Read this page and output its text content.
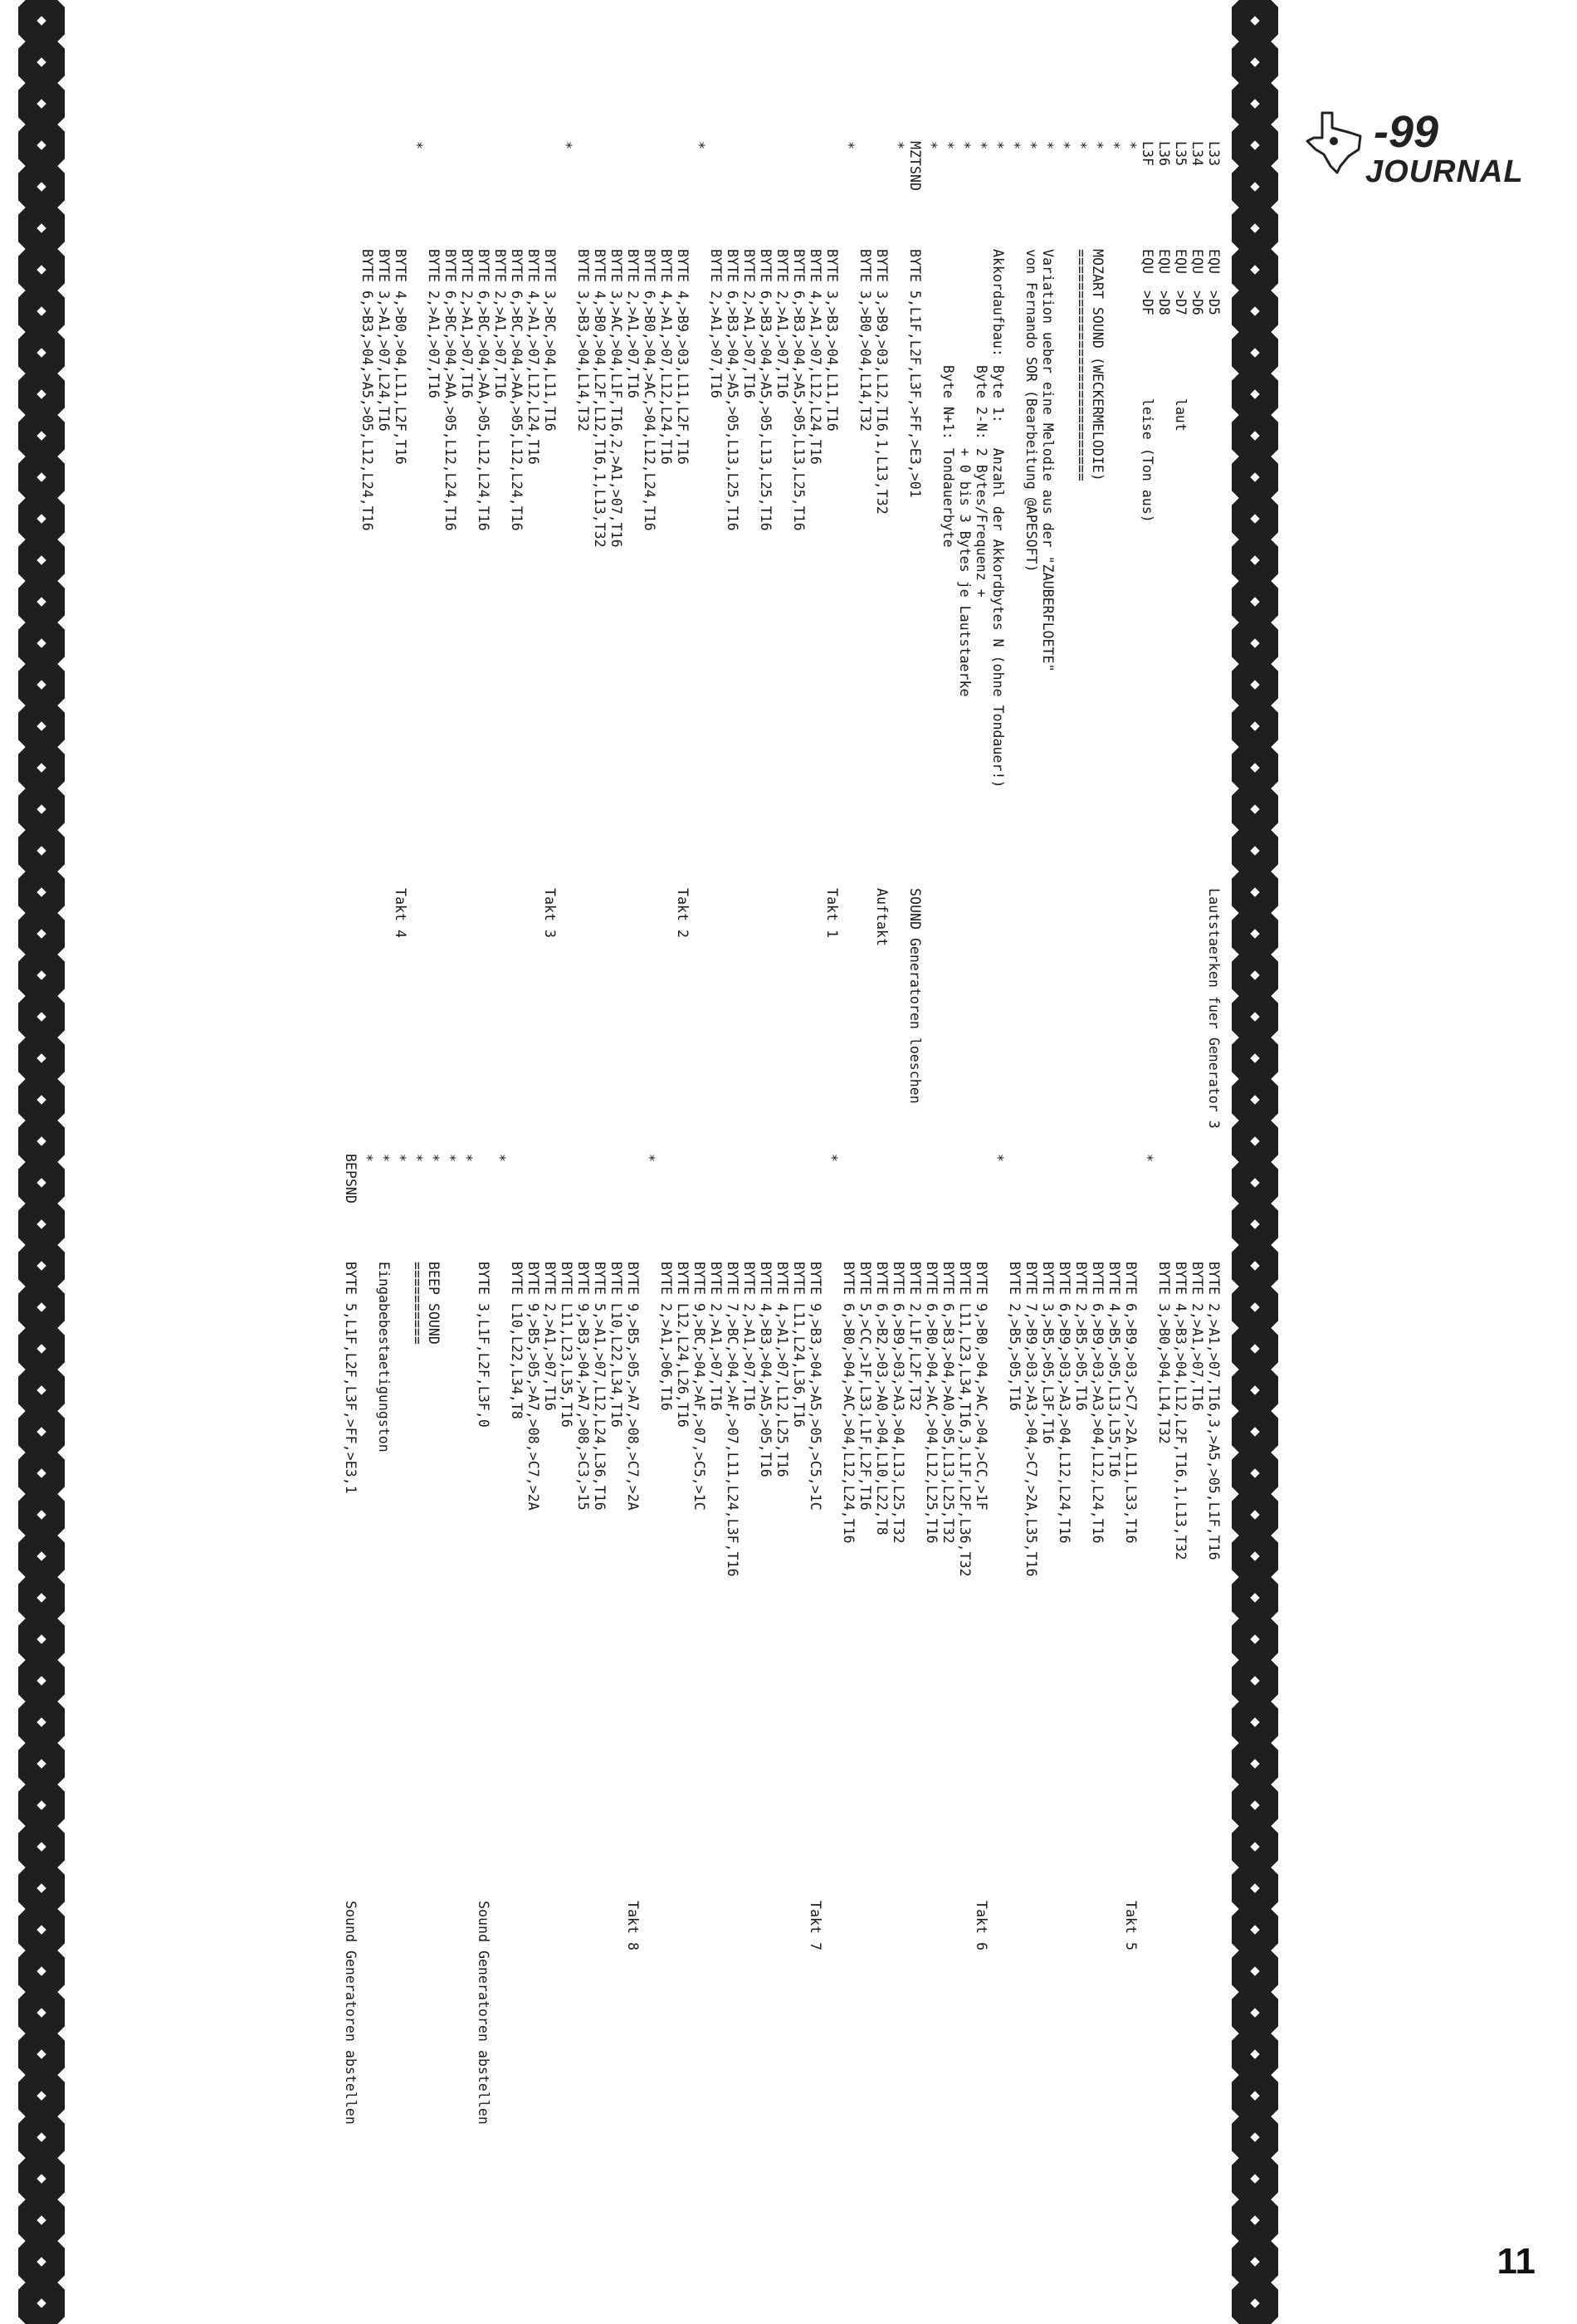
-99
JOURNAL
L33
EQU  >D5
Lautstaerken fuer Generator 3
L34
EQU  >D6
L35
EQU  >D7          laut
L36
EQU  >D8
L3F
EQU  >DF          leise (Ton aus)
*
*
*
MOZART SOUND (WECKERMELODIE)
*
============================
*
*
Variation ueber eine Melodie aus der "ZAUBERFLOETE"
*
von Fernando SOR (Bearbeitung @APESOFT)
*
*
Akkordaufbau: Byte 1:   Anzahl der Akkordbytes N (ohne Tondauer!)
*
Byte 2-N: 2 Bytes/Frequenz +
*
+ 0 bis 3 Bytes je Lautstaerke
*
Byte N+1: Tondauerbyte
*
MZTSND
BYTE 5,L1F,L2F,L3F,>FF,>E3,>01
SOUND Generatoren loeschen
*
BYTE 3,>B9,>03,L12,T16,1,L13,T32
Auftakt
BYTE 3,>B0,>04,L14,T32
*
BYTE 3,>B3,>04,L11,T16
Takt 1
BYTE 4,>A1,>07,L12,L24,T16
BYTE 6,>B3,>04,>A5,>05,L13,L25,T16
BYTE 2,>A1,>07,T16
BYTE 6,>B3,>04,>A5,>05,L13,L25,T16
BYTE 2,>A1,>07,T16
BYTE 6,>B3,>04,>A5,>05,L13,L25,T16
BYTE 2,>A1,>07,T16
*
BYTE 4,>B9,>03,L11,L2F,T16
Takt 2
BYTE 4,>A1,>07,L12,L24,T16
BYTE 6,>B0,>04,>AC,>04,L12,L24,T16
BYTE 2,>A1,>07,T16
BYTE 3,>AC,>04,L1F,T16,2,>A1,>07,T16
BYTE 4,>B0,>04,L2F,L12,T16,1,L13,T32
BYTE 3,>B3,>04,L14,T32
*
BYTE 3,>BC,>04,L11,T16
Takt 3
BYTE 4,>A1,>07,L12,L24,T16
BYTE 6,>BC,>04,>AA,>05,L12,L24,T16
BYTE 2,>A1,>07,T16
BYTE 6,>BC,>04,>AA,>05,L12,L24,T16
BYTE 2,>A1,>07,T16
BYTE 6,>BC,>04,>AA,>05,L12,L24,T16
BYTE 2,>A1,>07,T16
*
BYTE 4,>B0,>04,L11,L2F,T16
Takt 4
BYTE 3,>A1,>07,L24,T16
BYTE 6,>B3,>04,>A5,>05,L12,L24,T16
BYTE 2,>A1,>07,T16,3,>A5,>05,L1F,T16
BYTE 2,>A1,>07,T16
BYTE 4,>B3,>04,L12,L2F,T16,1,L13,T32
BYTE 3,>B0,>04,L14,T32
*
BYTE 6,>B9,>03,>C7,>2A,L11,L33,T16
Takt 5
BYTE 4,>B5,>05,L13,L35,T16
BYTE 6,>B9,>03,>A3,>04,L12,L24,T16
BYTE 2,>B5,>05,T16
BYTE 6,>B9,>03,>A3,>04,L12,L24,T16
BYTE 3,>B5,>05,L3F,T16
BYTE 7,>B9,>03,>A3,>04,>C7,>2A,L35,T16
BYTE 2,>B5,>05,T16
*
BYTE 9,>B0,>04,>AC,>04,>CC,>1F
Takt 6
BYTE L11,L23,L34,T16,3,L1F,L2F,L36,T32
BYTE 6,>B3,>04,>A0,>05,L13,L25,T32
BYTE 6,>B0,>04,>AC,>04,L12,L25,T16
BYTE 2,L1F,L2F,T32
BYTE 6,>B9,>03,>A3,>04,L13,L25,T32
BYTE 6,>B2,>03,>A0,>04,L10,L22,T8
BYTE 5,>CC,>1F,L33,L1F,L2F,T16
BYTE 6,>B0,>04,>AC,>04,L12,L24,T16
*
BYTE 9,>B3,>04,>A5,>05,>C5,>1C
Takt 7
BYTE L11,L24,L36,T16
BYTE 4,>A1,>07,L12,L25,T16
BYTE 4,>B3,>04,>A5,>05,T16
BYTE 2,>A1,>07,T16
BYTE 7,>BC,>04,>AF,>07,L11,L24,L3F,T16
BYTE 2,>A1,>07,T16
BYTE 9,>BC,>04,>AF,>07,>C5,>1C
BYTE L12,L24,L26,T16
BYTE 2,>A1,>06,T16
*
BYTE 9,>B5,>05,>A7,>08,>C7,>2A
Takt 8
BYTE L10,L22,L34,T16
BYTE 5,>A1,>07,L12,L24,L36,T16
BYTE 9,>B3,>04,>A7,>08,>C3,>15
BYTE L11,L23,L35,T16
BYTE 2,>A1,>07,T16
BYTE 9,>B5,>05,>A7,>08,>C7,>2A
BYTE L10,L22,L34,T8
*
BYTE 3,L1F,L2F,L3F,0
Sound Generatoren abstellen
*
*
*
BEEP SOUND
*
==========
*
*
Eingabebestaetigungston
*
BEPSND
BYTE 5,L1F,L2F,L3F,>FF,>E3,1
Sound Generatoren abstellen
11
